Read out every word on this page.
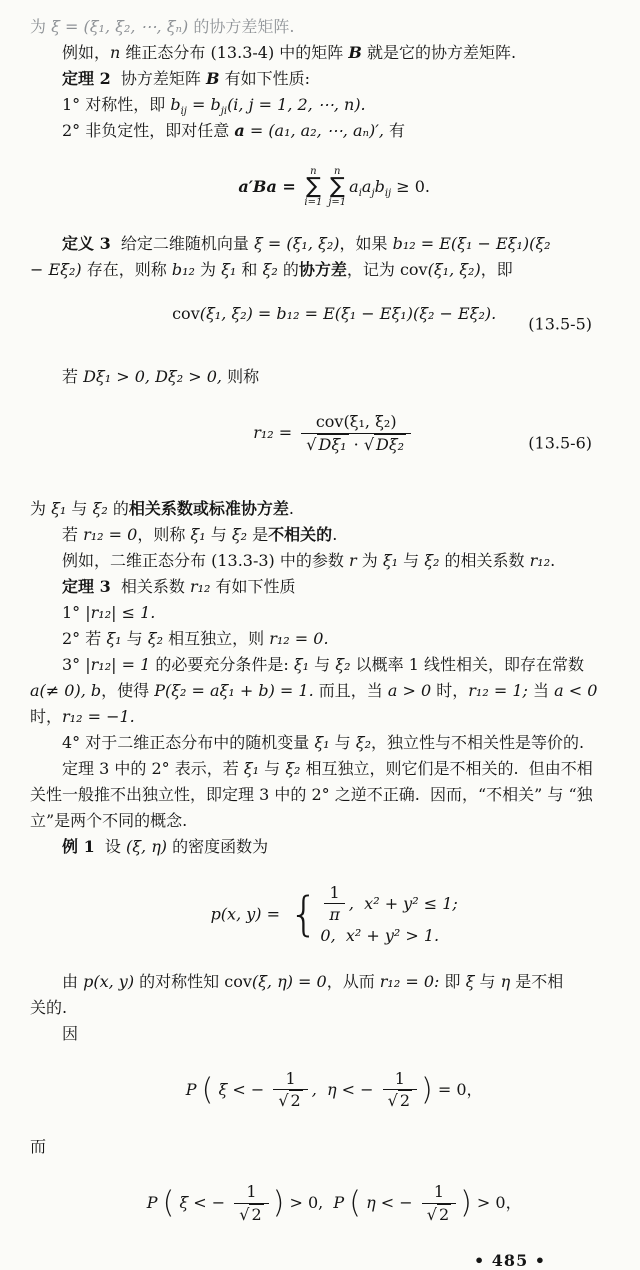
为 ξ = (ξ₁, ξ₂, ⋯, ξₙ) 的协方差矩阵.

例如，n 维正态分布 (13.3-4) 中的矩阵 B 就是它的协方差矩阵.

定理 2  协方差矩阵 B 有如下性质:

1° 对称性，即 $b_{ij} = b_{ji}(i$, j = 1, 2, ⋯, n).

2° 非负定性，即对任意 a = (a₁, a₂, ⋯, aₙ)′, 有

a′Ba =
n
∑
i=1
n
∑
j=1
$a_ia_jb_{ij} \ge 0$.

定义 3  给定二维随机向量 ξ = (ξ₁, ξ₂)，如果 b₁₂ = E(ξ₁ − Eξ₁)(ξ₂

− Eξ₂) 存在，则称 b₁₂ 为 ξ₁ 和 ξ₂ 的协方差，记为 cov(ξ₁, ξ₂)，即

cov(ξ₁, ξ₂) = b₁₂ = E(ξ₁ − Eξ₁)(ξ₂ − Eξ₂).

(13.5-5)

若 Dξ₁ > 0, Dξ₂ > 0, 则称

$r_{12} = \frac{\text{cov(ξ₁, ξ₂)}}{\text{√ Dξ₁ · √ Dξ₂}}$

	(13.5-6)

为 ξ₁ 与 ξ₂ 的相关系数或标准协方差.

若 r₁₂ = 0，则称 ξ₁ 与 ξ₂ 是不相关的.

例如，二维正态分布 (13.3-3) 中的参数 r 为 ξ₁ 与 ξ₂ 的相关系数 r₁₂.

定理 3  相关系数 r₁₂ 有如下性质

1° |r₁₂| ≤ 1.

2° 若 ξ₁ 与 ξ₂ 相互独立，则 r₁₂ = 0.

3° |r₁₂| = 1 的必要充分条件是: ξ₁ 与 ξ₂ 以概率 1 线性相关，即存在常数

a(≠ 0), b，使得 P(ξ₂ = aξ₁ + b) = 1. 而且，当 a > 0 时，r₁₂ = 1; 当 a < 0

时，r₁₂ = −1.

4° 对于二维正态分布中的随机变量 ξ₁ 与 ξ₂，独立性与不相关性是等价的.

定理 3 中的 2° 表示，若 ξ₁ 与 ξ₂ 相互独立，则它们是不相关的.  但由不相

关性一般推不出独立性，即定理 3 中的 2° 之逆不正确.  因而，“不相关” 与 “独

立”是两个不同的概念.

例 1  设 (ξ, η) 的密度函数为

p(x, y) = { $\frac{1}{\pi}$ ,  x² + y² ≤ 1;
0,  x² + y² > 1.

由 p(x, y) 的对称性知 cov(ξ, η) = 0，从而 r₁₂ = 0: 即 ξ 与 η 是不相

关的.

因

P ( ξ < − $\frac{1}{√ 2}$ ,  η < − $\frac{1}{√ 2}$ ) = 0，

而

P ( ξ < − $\frac{1}{√ 2}$ ) > 0,  P ( η < − $\frac{1}{√ 2}$ ) > 0，

• 485 •
